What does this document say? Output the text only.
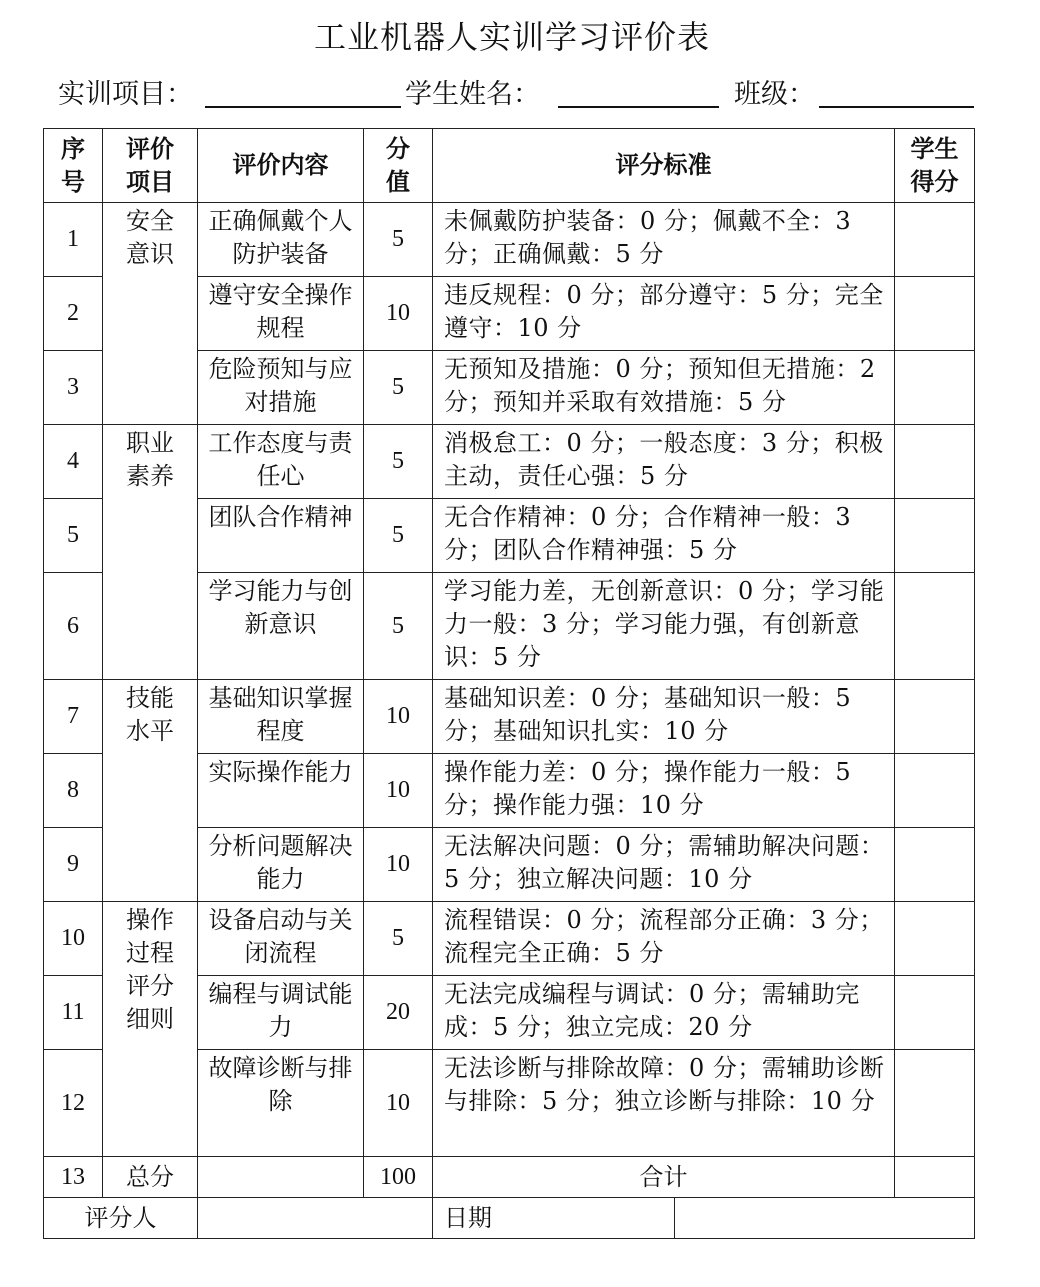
工业机器人实训学习评价表
实训项目：	学生姓名：	班级：
序号	评价项目	评价内容	分值	评分标准	学生得分
1	安全意识	正确佩戴个人防护装备	5	未佩戴防护装备：0 分；佩戴不全：3 分；正确佩戴：5 分	
2	遵守安全操作规程	10	违反规程：0 分；部分遵守：5 分；完全遵守：10 分	
3	危险预知与应对措施	5	无预知及措施：0 分；预知但无措施：2 分；预知并采取有效措施：5 分	
4	职业素养	工作态度与责任心	5	消极怠工：0 分；一般态度：3 分；积极主动，责任心强：5 分	
5	团队合作精神	5	无合作精神：0 分；合作精神一般：3 分；团队合作精神强：5 分	
6	学习能力与创新意识	5	学习能力差，无创新意识：0 分；学习能力一般：3 分；学习能力强，有创新意识：5 分	
7	技能水平	基础知识掌握程度	10	基础知识差：0 分；基础知识一般：5 分；基础知识扎实：10 分	
8	实际操作能力	10	操作能力差：0 分；操作能力一般：5 分；操作能力强：10 分	
9	分析问题解决能力	10	无法解决问题：0 分；需辅助解决问题：5 分；独立解决问题：10 分	
10	操作过程评分细则	设备启动与关闭流程	5	流程错误：0 分；流程部分正确：3 分；流程完全正确：5 分	
11	编程与调试能力	20	无法完成编程与调试：0 分；需辅助完成：5 分；独立完成：20 分	
12	故障诊断与排除	10	无法诊断与排除故障：0 分；需辅助诊断与排除：5 分；独立诊断与排除：10 分	
13	总分		100	合计	
评分人			日期	
